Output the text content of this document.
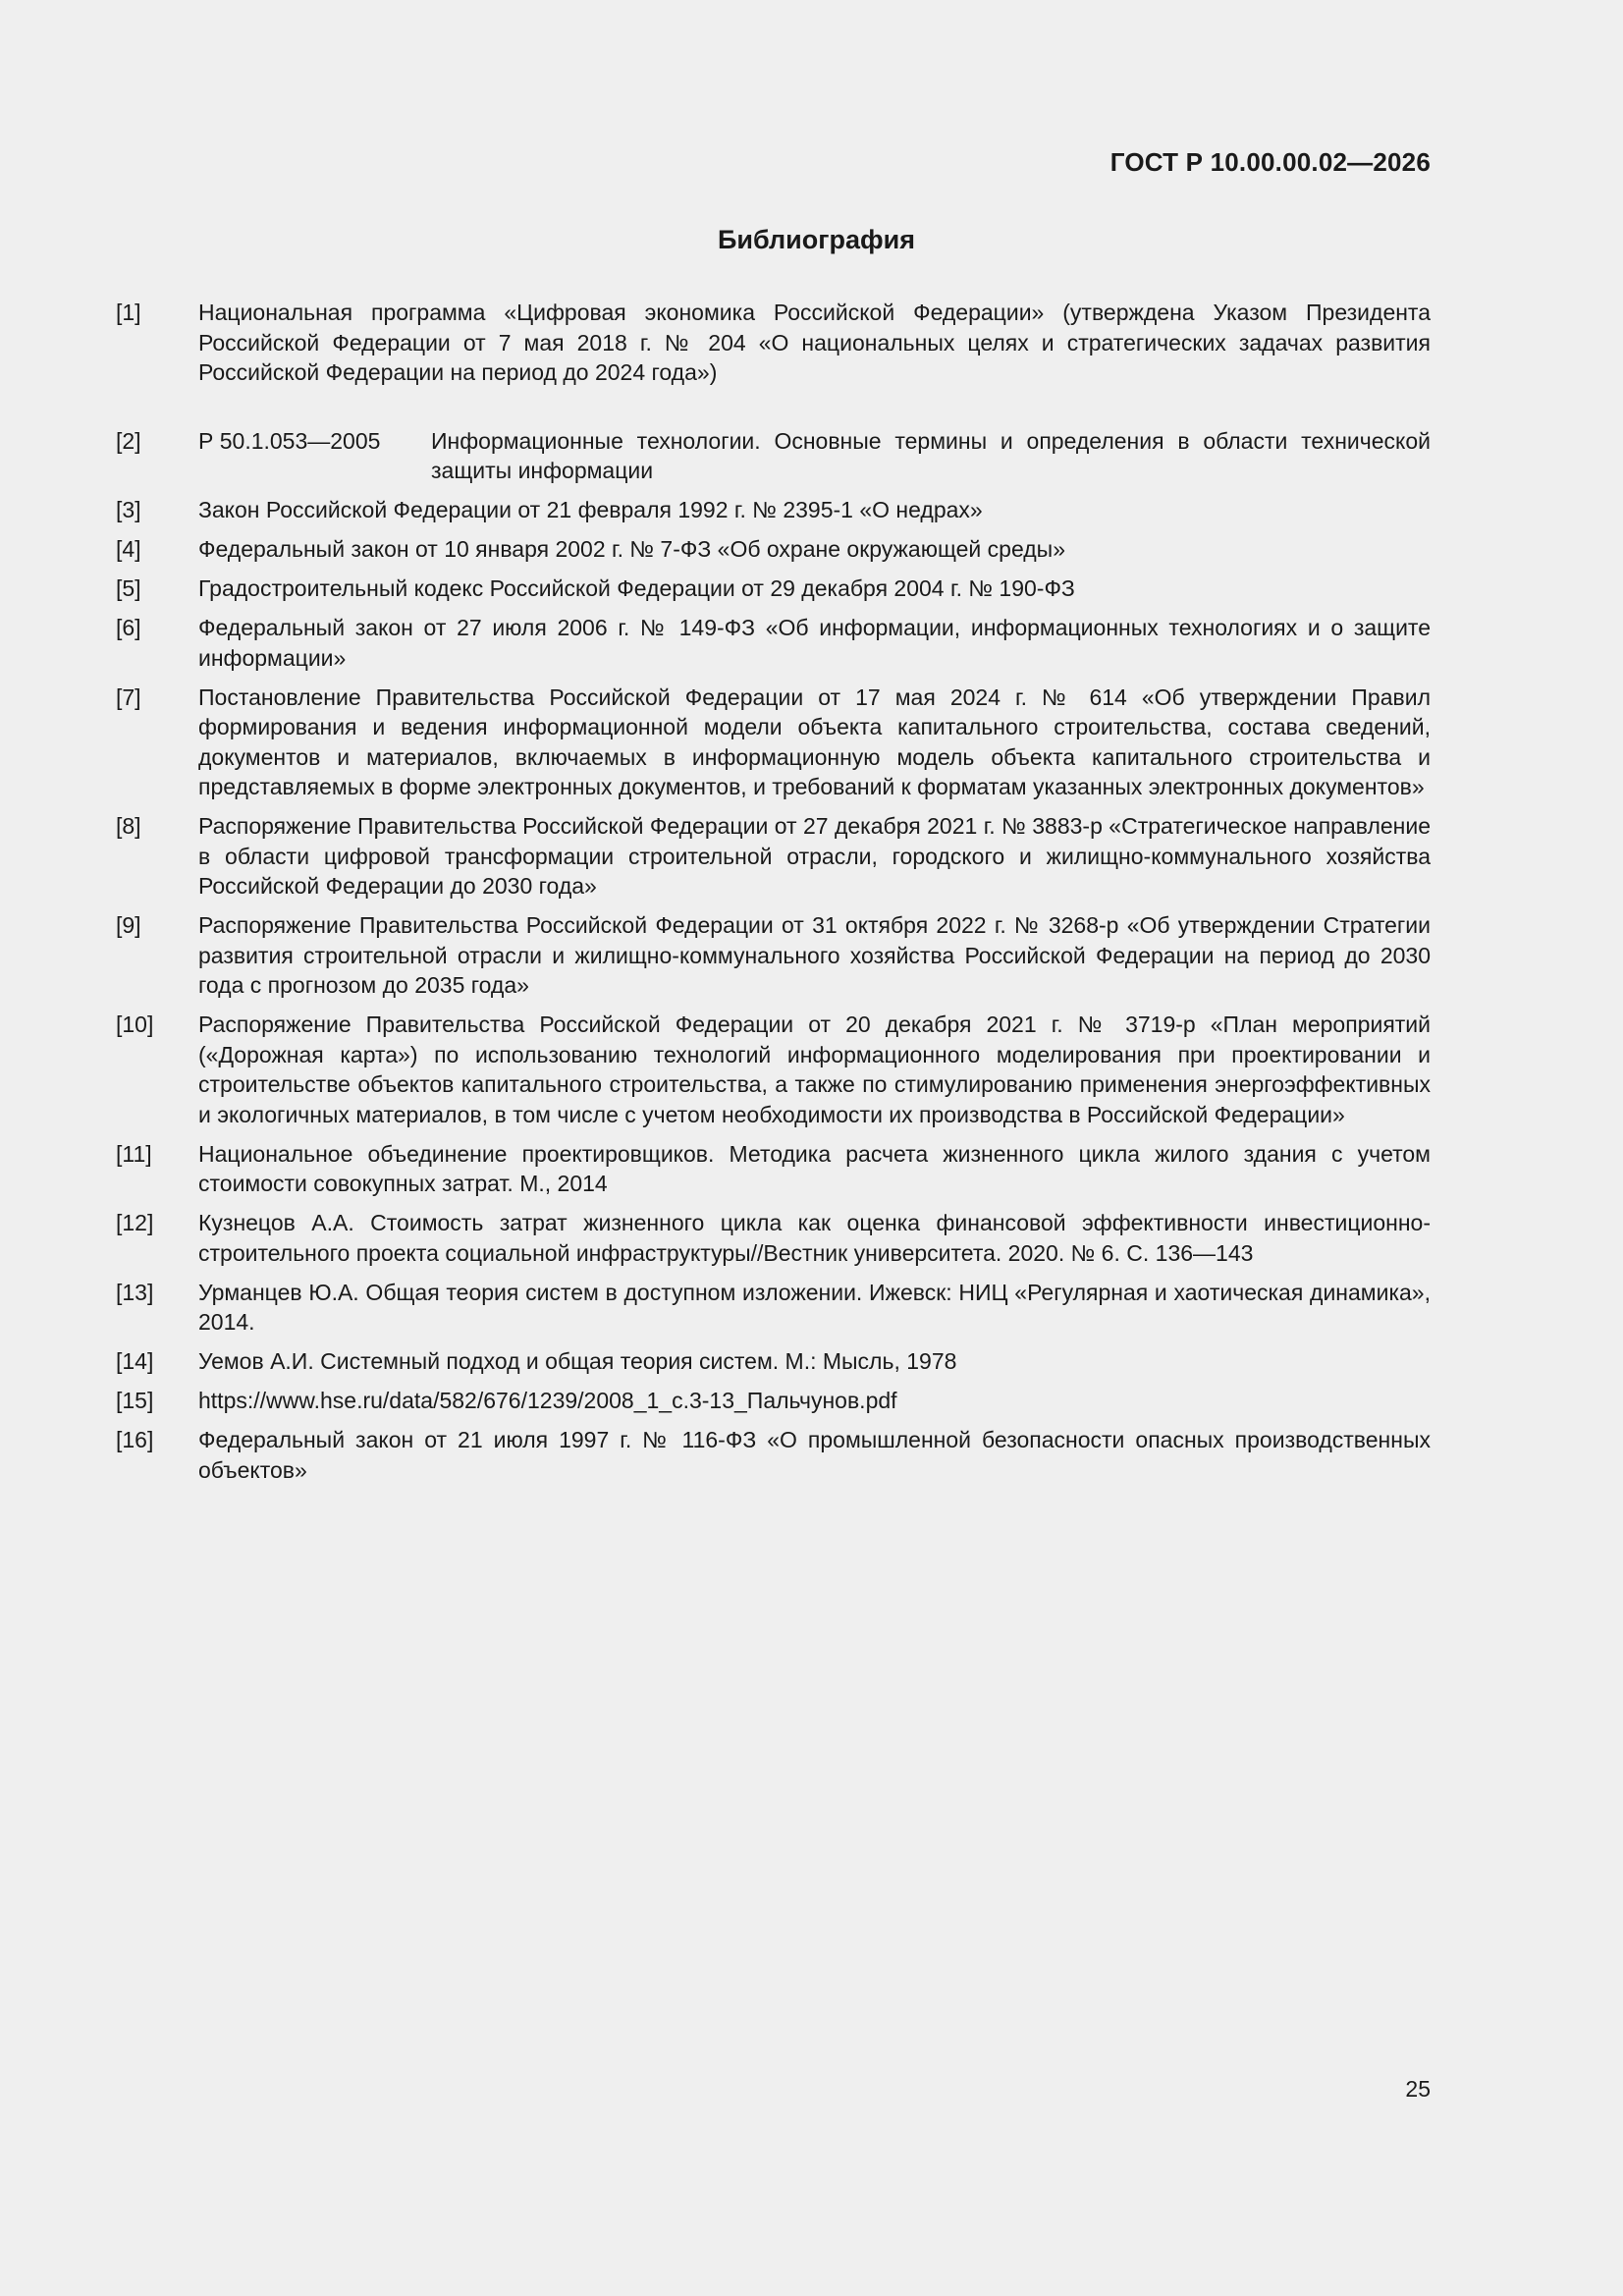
ГОСТ Р 10.00.00.02—2026
Библиография
[1]	Национальная программа «Цифровая экономика Российской Федерации» (утверждена Указом Президента Российской Федерации от 7 мая 2018 г. № 204 «О национальных целях и стратегических задачах развития Российской Федерации на период до 2024 года»)
[2]	Р 50.1.053—2005	Информационные технологии. Основные термины и определения в области технической защиты информации
[3]	Закон Российской Федерации от 21 февраля 1992 г. № 2395-1 «О недрах»
[4]	Федеральный закон от 10 января 2002 г. № 7-ФЗ «Об охране окружающей среды»
[5]	Градостроительный кодекс Российской Федерации от 29 декабря 2004 г. № 190-ФЗ
[6]	Федеральный закон от 27 июля 2006 г. № 149-ФЗ «Об информации, информационных технологиях и о защите информации»
[7]	Постановление Правительства Российской Федерации от 17 мая 2024 г. № 614 «Об утверждении Правил формирования и ведения информационной модели объекта капитального строительства, состава сведений, документов и материалов, включаемых в информационную модель объекта капитального строительства и представляемых в форме электронных документов, и требований к форматам указанных электронных документов»
[8]	Распоряжение Правительства Российской Федерации от 27 декабря 2021 г. № 3883-р «Стратегическое направление в области цифровой трансформации строительной отрасли, городского и жилищно-коммунального хозяйства Российской Федерации до 2030 года»
[9]	Распоряжение Правительства Российской Федерации от 31 октября 2022 г. № 3268-р «Об утверждении Стратегии развития строительной отрасли и жилищно-коммунального хозяйства Российской Федерации на период до 2030 года с прогнозом до 2035 года»
[10]	Распоряжение Правительства Российской Федерации от 20 декабря 2021 г. № 3719-р «План мероприятий («Дорожная карта») по использованию технологий информационного моделирования при проектировании и строительстве объектов капитального строительства, а также по стимулированию применения энергоэффективных и экологичных материалов, в том числе с учетом необходимости их производства в Российской Федерации»
[11]	Национальное объединение проектировщиков. Методика расчета жизненного цикла жилого здания с учетом стоимости совокупных затрат. М., 2014
[12]	Кузнецов А.А. Стоимость затрат жизненного цикла как оценка финансовой эффективности инвестиционно-строительного проекта социальной инфраструктуры//Вестник университета. 2020. № 6. С. 136—143
[13]	Урманцев Ю.А. Общая теория систем в доступном изложении. Ижевск: НИЦ «Регулярная и хаотическая динамика», 2014.
[14]	Уемов А.И. Системный подход и общая теория систем. М.: Мысль, 1978
[15]	https://www.hse.ru/data/582/676/1239/2008_1_с.3-13_Пальчунов.pdf
[16]	Федеральный закон от 21 июля 1997 г. № 116-ФЗ «О промышленной безопасности опасных производственных объектов»
25
